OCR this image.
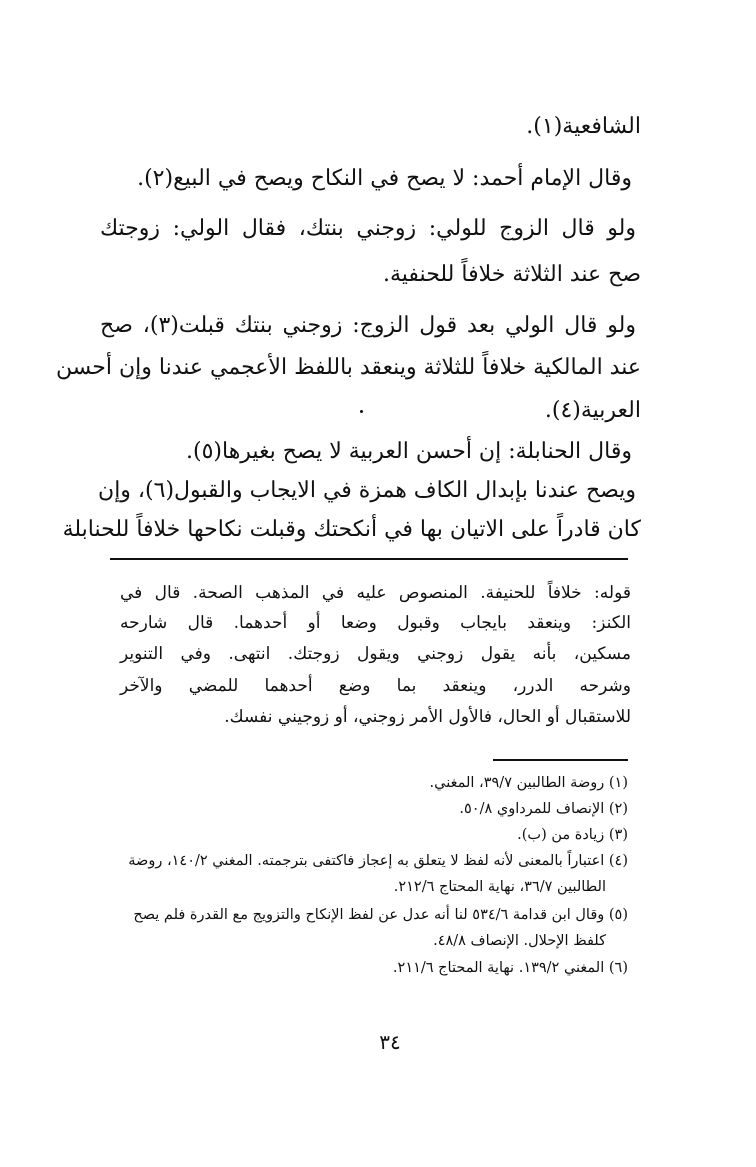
الشافعية(١).
وقال الإمام أحمد: لا يصح في النكاح ويصح في البيع(٢).
ولو قال الزوج للولي: زوجني بنتك، فقال الولي: زوجتك
صح عند الثلاثة خلافاً للحنفية.
ولو قال الولي بعد قول الزوج: زوجني بنتك قبلت(٣)، صح
عند المالكية خلافاً للثلاثة وينعقد باللفظ الأعجمي عندنا وإن أحسن
العربية(٤).
وقال الحنابلة: إن أحسن العربية لا يصح بغيرها(٥).
ويصح عندنا بإبدال الكاف همزة في الايجاب والقبول(٦)، وإن
كان قادراً على الاتيان بها في أنكحتك وقبلت نكاحها خلافاً للحنابلة
قوله: خلافاً للحنيفة. المنصوص عليه في المذهب الصحة. قال في
الكنز: وينعقد بايجاب وقبول وضعا أو أحدهما. قال شارحه
مسكين، بأنه يقول زوجني ويقول زوجتك. انتهى. وفي التنوير
وشرحه الدرر، وينعقد بما وضع أحدهما للمضي والآخر
للاستقبال أو الحال، فالأول الأمر زوجني، أو زوجيني نفسك.
(١) روضة الطالبين ٣٩/٧، المغني.
(٢) الإنصاف للمرداوي ٥٠/٨.
(٣) زيادة من (ب).
(٤) اعتباراً بالمعنى لأنه لفظ لا يتعلق به إعجاز فاكتفى بترجمته. المغني ١٤٠/٢، روضة
الطالبين ٣٦/٧، نهاية المحتاج ٢١٢/٦.
(٥) وقال ابن قدامة ٥٣٤/٦ لنا أنه عدل عن لفظ الإنكاح والتزويج مع القدرة فلم يصح
كلفظ الإحلال. الإنصاف ٤٨/٨.
(٦) المغني ١٣٩/٢. نهاية المحتاج ٢١١/٦.
٣٤
